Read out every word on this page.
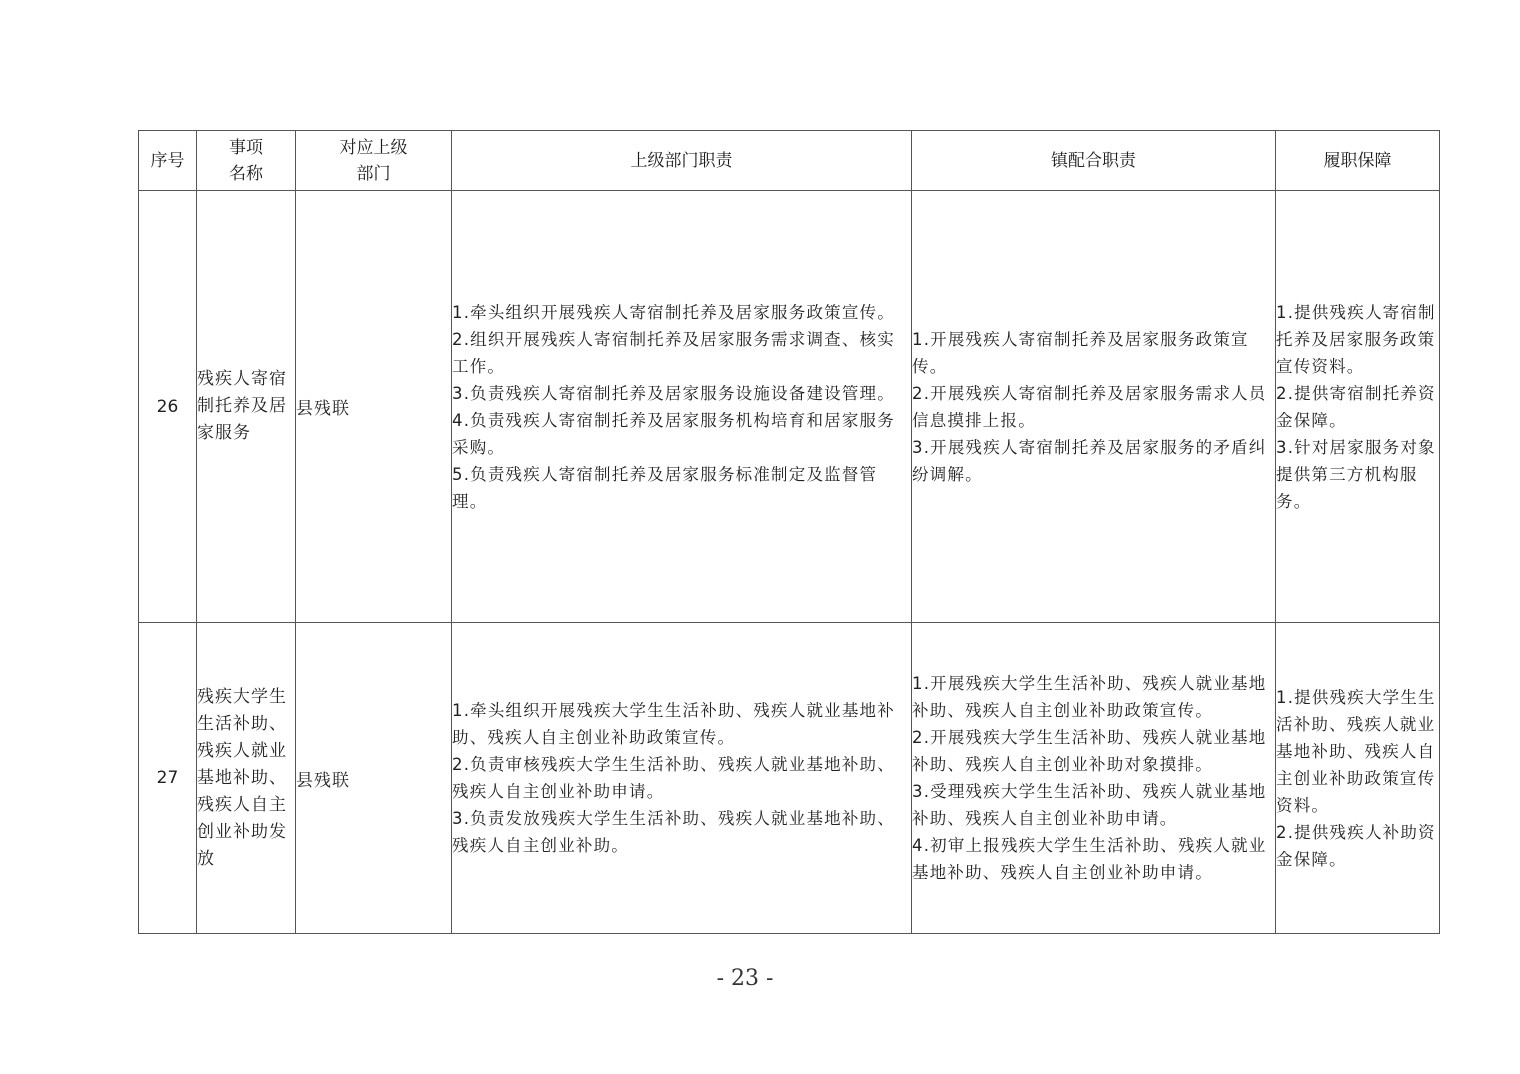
序号	事项
名称	对应上级
部门	上级部门职责	镇配合职责	履职保障
26	残疾人寄宿制托养及居家服务	县残联	1.牵头组织开展残疾人寄宿制托养及居家服务政策宣传。
2.组织开展残疾人寄宿制托养及居家服务需求调查、核实工作。
3.负责残疾人寄宿制托养及居家服务设施设备建设管理。
4.负责残疾人寄宿制托养及居家服务机构培育和居家服务采购。
5.负责残疾人寄宿制托养及居家服务标准制定及监督管理。	1.开展残疾人寄宿制托养及居家服务政策宣传。
2.开展残疾人寄宿制托养及居家服务需求人员信息摸排上报。
3.开展残疾人寄宿制托养及居家服务的矛盾纠纷调解。	1.提供残疾人寄宿制托养及居家服务政策宣传资料。
2.提供寄宿制托养资金保障。
3.针对居家服务对象提供第三方机构服务。

27	残疾大学生生活补助、残疾人就业基地补助、残疾人自主创业补助发放	县残联	1.牵头组织开展残疾大学生生活补助、残疾人就业基地补助、残疾人自主创业补助政策宣传。
2.负责审核残疾大学生生活补助、残疾人就业基地补助、残疾人自主创业补助申请。
3.负责发放残疾大学生生活补助、残疾人就业基地补助、残疾人自主创业补助。	1.开展残疾大学生生活补助、残疾人就业基地补助、残疾人自主创业补助政策宣传。
2.开展残疾大学生生活补助、残疾人就业基地补助、残疾人自主创业补助对象摸排。
3.受理残疾大学生生活补助、残疾人就业基地补助、残疾人自主创业补助申请。
4.初审上报残疾大学生生活补助、残疾人就业基地补助、残疾人自主创业补助申请。	1.提供残疾大学生生活补助、残疾人就业基地补助、残疾人自主创业补助政策宣传资料。
2.提供残疾人补助资金保障。
- 23 -
